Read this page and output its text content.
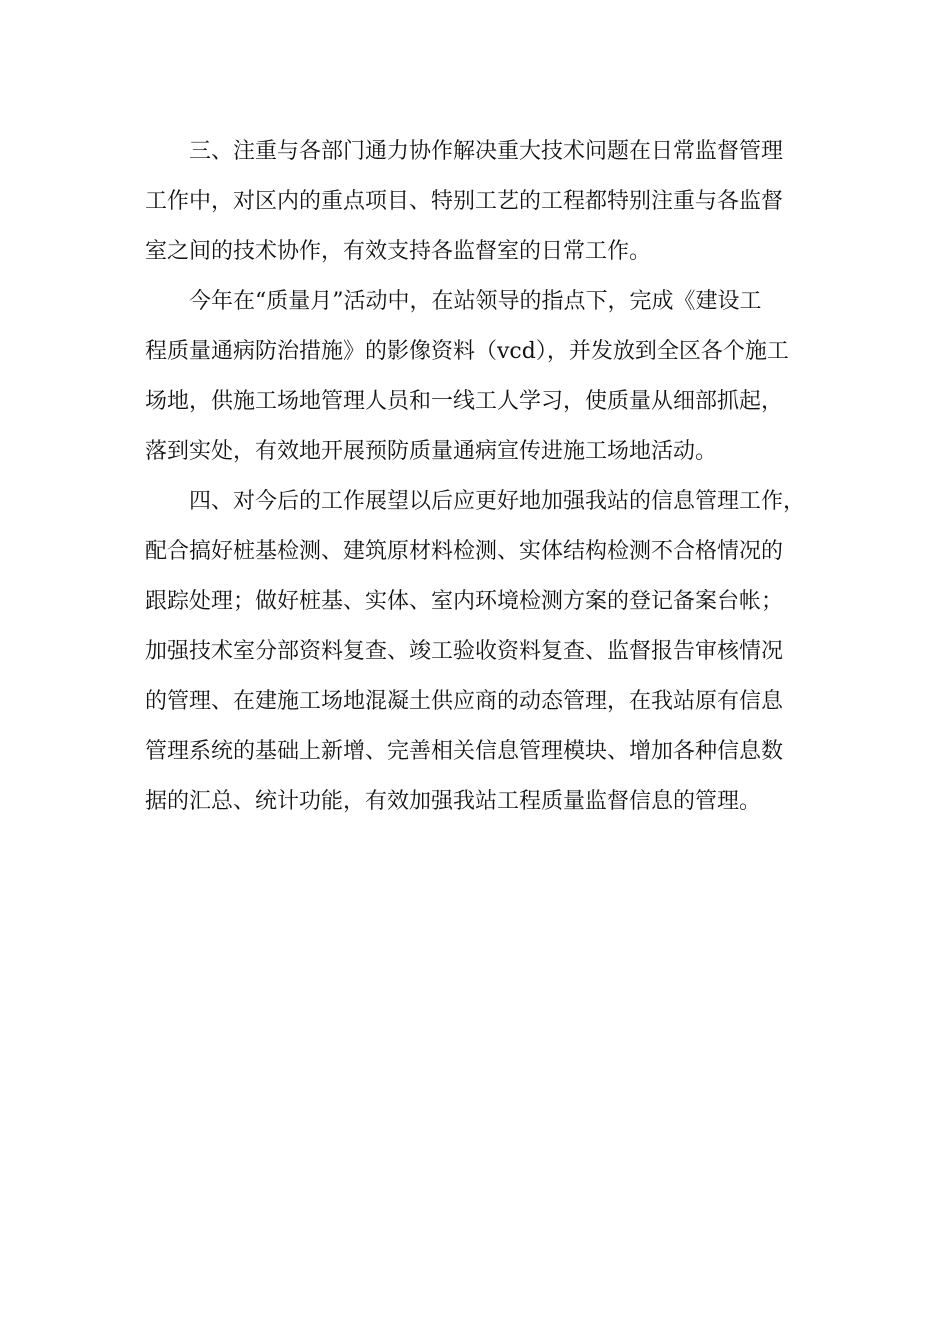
三、注重与各部门通力协作解决重大技术问题在日常监督管理
工作中，对区内的重点项目、特别工艺的工程都特别注重与各监督
室之间的技术协作，有效支持各监督室的日常工作。
今年在“质量月”活动中，在站领导的指点下，完成《建设工
程质量通病防治措施》的影像资料（vcd），并发放到全区各个施工
场地，供施工场地管理人员和一线工人学习，使质量从细部抓起，
落到实处，有效地开展预防质量通病宣传进施工场地活动。
四、对今后的工作展望以后应更好地加强我站的信息管理工作，
配合搞好桩基检测、建筑原材料检测、实体结构检测不合格情况的
跟踪处理；做好桩基、实体、室内环境检测方案的登记备案台帐；
加强技术室分部资料复查、竣工验收资料复查、监督报告审核情况
的管理、在建施工场地混凝土供应商的动态管理，在我站原有信息
管理系统的基础上新增、完善相关信息管理模块、增加各种信息数
据的汇总、统计功能，有效加强我站工程质量监督信息的管理。
